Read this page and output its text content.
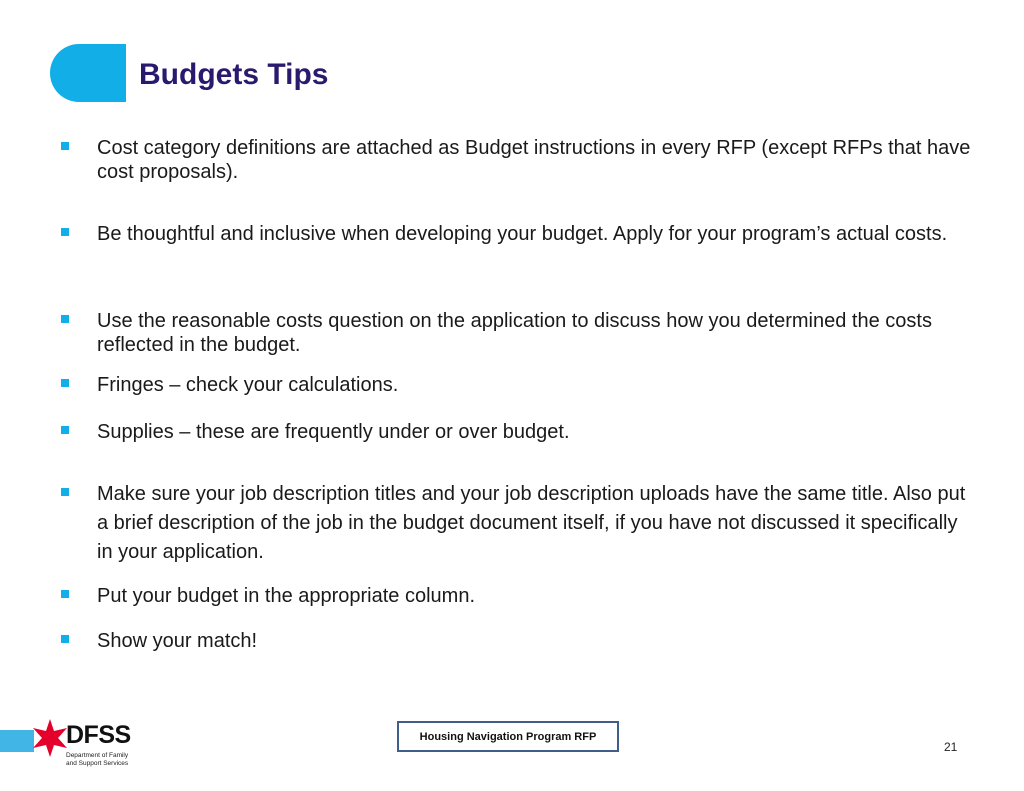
Budgets Tips
Cost category definitions are attached as Budget instructions in every RFP (except RFPs that have cost proposals).
Be thoughtful and inclusive when developing your budget. Apply for your program’s actual costs.
Use the reasonable costs question on the application to discuss how you determined the costs reflected in the budget.
Fringes – check your calculations.
Supplies – these are frequently under or over budget.
Make sure your job description titles and your job description uploads have the same title. Also put a brief description of the job in the budget document itself, if you have not discussed it specifically in your application.
Put your budget in the appropriate column.
Show your match!
DFSS
Department of Family
and Support Services
Housing Navigation Program RFP
21
